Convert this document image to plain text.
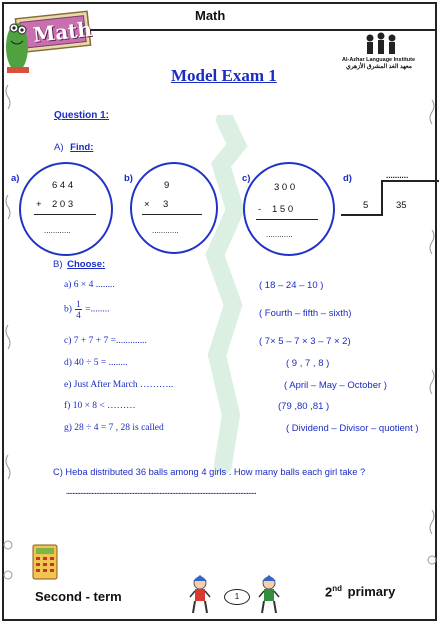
Math
Math
Al-Azhar Language Institute
معهد الغد المشرق الأزهري
Model Exam 1
Question 1:
A) Find:
a)
6 4 4
+ 2 0 3
............
b)
9
× 3
............
c)
3 0 0
- 1 5 0
............
d)	..........
5	35
B) Choose:
a) 6 × 4 ........	( 18 – 24 – 10 )
$b) \frac{1}{4}$ =........	( Fourth – fifth – sixth)
c) 7 + 7 + 7 =.............	( 7× 5 – 7 × 3 – 7 × 2)
d) 40 ÷ 5 = ........	( 9 , 7 , 8 )
e) Just After March ………..	( April – May – October )
f) 10 × 8 < ………	(79 ,80 ,81 )
g) 28 ÷ 4 = 7 , 28 is called	( Dividend – Divisor – quotient )
C) Heba distributed 36 balls among 4 girls . How many balls each girl take ?
........................................................................................................................
Second - term	1	2nd primary
